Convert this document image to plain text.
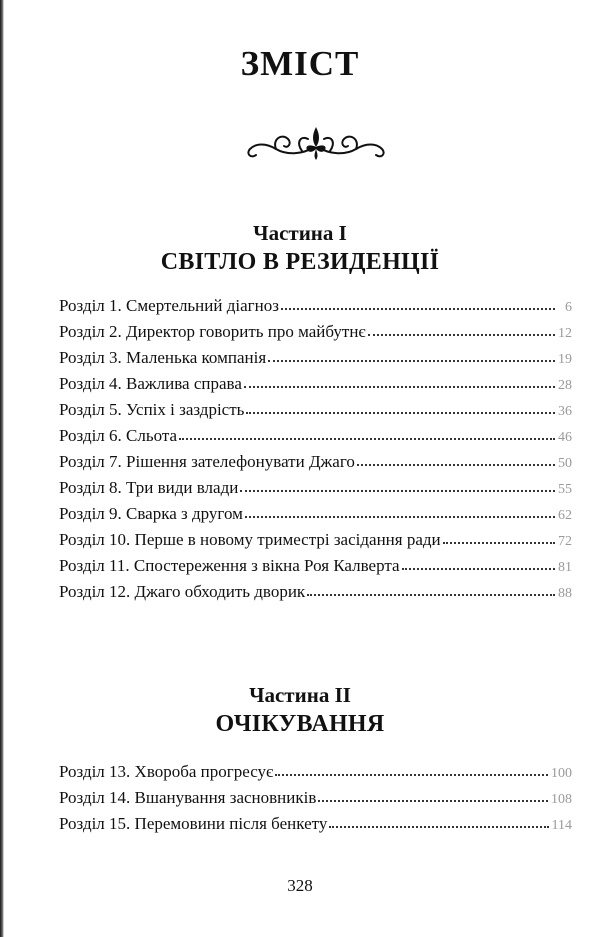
ЗМІСТ
Частина I
СВІТЛО В РЕЗИДЕНЦІЇ
Розділ 1. Смертельний діагноз	6
Розділ 2. Директор говорить про майбутнє	12
Розділ 3. Маленька компанія	19
Розділ 4. Важлива справа	28
Розділ 5. Успіх і заздрість	36
Розділ 6. Сльота	46
Розділ 7. Рішення зателефонувати Джаго	50
Розділ 8. Три види влади	55
Розділ 9. Сварка з другом	62
Розділ 10. Перше в новому триместрі засідання ради	72
Розділ 11. Спостереження з вікна Роя Калверта	81
Розділ 12. Джаго обходить дворик	88
Частина II
ОЧІКУВАННЯ
Розділ 13. Хвороба прогресує	100
Розділ 14. Вшанування засновників	108
Розділ 15. Перемовини після бенкету	114
328
